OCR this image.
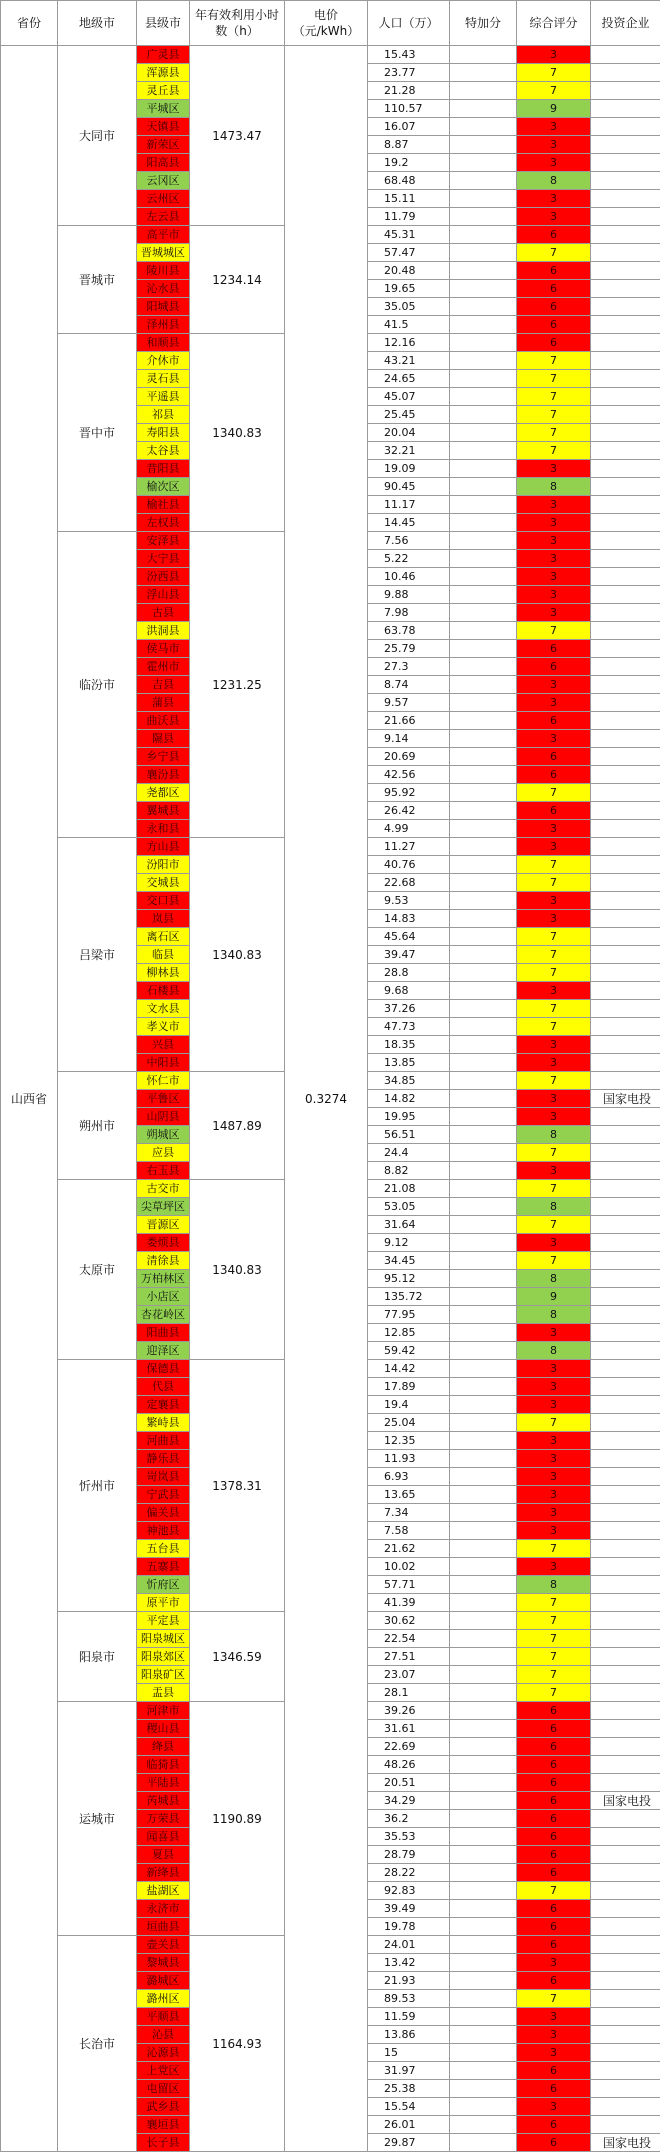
省份	地级市	县级市	年有效利用小时数（h）	电价（元/kWh）	人口（万）	特加分	综合评分	投资企业
山西省	大同市	广灵县	1473.47	0.3274	15.43		3	
		浑源县			23.77		7	
		灵丘县			21.28		7	
		平城区			110.57		9	
		天镇县			16.07		3	
		新荣区			8.87		3	
		阳高县			19.2		3	
		云冈区			68.48		8	
		云州区			15.11		3	
		左云县			11.79		3	
	晋城市	高平市	1234.14		45.31		6	
		晋城城区			57.47		7	
		陵川县			20.48		6	
		沁水县			19.65		6	
		阳城县			35.05		6	
		泽州县			41.5		6	
	晋中市	和顺县	1340.83		12.16		6	
		介休市			43.21		7	
		灵石县			24.65		7	
		平遥县			45.07		7	
		祁县			25.45		7	
		寿阳县			20.04		7	
		太谷县			32.21		7	
		昔阳县			19.09		3	
		榆次区			90.45		8	
		榆社县			11.17		3	
		左权县			14.45		3	
	临汾市	安泽县	1231.25		7.56		3	
		大宁县			5.22		3	
		汾西县			10.46		3	
		浮山县			9.88		3	
		古县			7.98		3	
		洪洞县			63.78		7	
		侯马市			25.79		6	
		霍州市			27.3		6	
		吉县			8.74		3	
		蒲县			9.57		3	
		曲沃县			21.66		6	
		隰县			9.14		3	
		乡宁县			20.69		6	
		襄汾县			42.56		6	
		尧都区			95.92		7	
		翼城县			26.42		6	
		永和县			4.99		3	
	吕梁市	方山县	1340.83		11.27		3	
		汾阳市			40.76		7	
		交城县			22.68		7	
		交口县			9.53		3	
		岚县			14.83		3	
		离石区			45.64		7	
		临县			39.47		7	
		柳林县			28.8		7	
		石楼县			9.68		3	
		文水县			37.26		7	
		孝义市			47.73		7	
		兴县			18.35		3	
		中阳县			13.85		3	
	朔州市	怀仁市	1487.89		34.85		7	
		平鲁区			14.82		3	国家电投
		山阴县			19.95		3	
		朔城区			56.51		8	
		应县			24.4		7	
		右玉县			8.82		3	
	太原市	古交市	1340.83		21.08		7	
		尖草坪区			53.05		8	
		晋源区			31.64		7	
		娄烦县			9.12		3	
		清徐县			34.45		7	
		万柏林区			95.12		8	
		小店区			135.72		9	
		杏花岭区			77.95		8	
		阳曲县			12.85		3	
		迎泽区			59.42		8	
	忻州市	保德县	1378.31		14.42		3	
		代县			17.89		3	
		定襄县			19.4		3	
		繁峙县			25.04		7	
		河曲县			12.35		3	
		静乐县			11.93		3	
		岢岚县			6.93		3	
		宁武县			13.65		3	
		偏关县			7.34		3	
		神池县			7.58		3	
		五台县			21.62		7	
		五寨县			10.02		3	
		忻府区			57.71		8	
		原平市			41.39		7	
	阳泉市	平定县	1346.59		30.62		7	
		阳泉城区			22.54		7	
		阳泉郊区			27.51		7	
		阳泉矿区			23.07		7	
		盂县			28.1		7	
	运城市	河津市	1190.89		39.26		6	
		稷山县			31.61		6	
		绛县			22.69		6	
		临猗县			48.26		6	
		平陆县			20.51		6	
		芮城县			34.29		6	国家电投
		万荣县			36.2		6	
		闻喜县			35.53		6	
		夏县			28.79		6	
		新绛县			28.22		6	
		盐湖区			92.83		7	
		永济市			39.49		6	
		垣曲县			19.78		6	
	长治市	壶关县	1164.93		24.01		6	
		黎城县			13.42		3	
		潞城区			21.93		6	
		潞州区			89.53		7	
		平顺县			11.59		3	
		沁县			13.86		3	
		沁源县			15		3	
		上党区			31.97		6	
		屯留区			25.38		6	
		武乡县			15.54		3	
		襄垣县			26.01		6	
		长子县			29.87		6	国家电投
